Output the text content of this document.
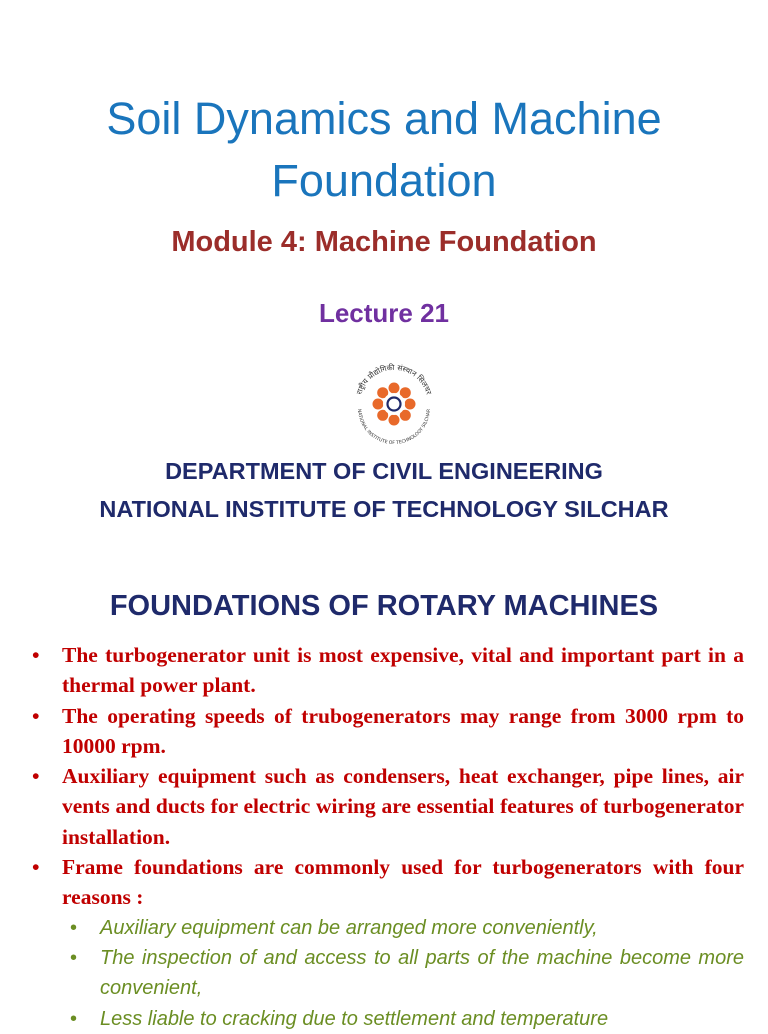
Soil Dynamics and Machine
Foundation
Module 4: Machine Foundation
Lecture 21
राष्ट्रीय प्रौद्योगिकी संस्थान सिलचर
NATIONAL INSTITUTE OF TECHNOLOGY SILCHAR
DEPARTMENT OF CIVIL ENGINEERING
NATIONAL INSTITUTE OF TECHNOLOGY SILCHAR
FOUNDATIONS OF ROTARY MACHINES
• The turbogenerator unit is most expensive, vital and important part in a thermal power plant.
• The operating speeds of trubogenerators may range from 3000 rpm to 10000 rpm.
• Auxiliary equipment such as condensers, heat exchanger, pipe lines, air vents and ducts for electric wiring are essential features of turbogenerator installation.
• Frame foundations are commonly used for turbogenerators with four reasons :
• Auxiliary equipment can be arranged more conveniently,
• The inspection of and access to all parts of the machine become more convenient,
• Less liable to cracking due to settlement and temperature
